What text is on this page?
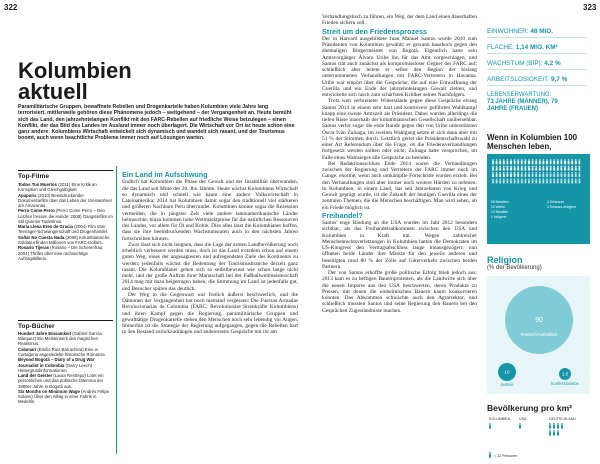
322	323
Kolumbien
aktuell
Paramilitärische Gruppen, bewaffnete Rebellen und Drogenkartelle haben Kolumbien viele Jahre lang terrorisiert, mittlerweile gehören diese Phänomene jedoch – weitgehend – der Vergangenheit an. Heute bemüht sich das Land, den jahrzehntelangen Konflikt mit den FARC-Rebellen auf friedliche Weise beizulegen – einen Konflikt, der das Bild des Landes im Ausland immer noch überlagert. Die Wirtschaft vor Ort ist heute schon eine ganz andere: Kolumbiens Wirtschaft entwickelt sich dynamisch und wandelt sich rasant, und der Tourismus boomt, auch wenn beachtliche Probleme immer noch auf Lösungen warten.
Top-Filme

Todos Tus Muertos (2011) Eine Kritik an Korruption und Gleichgültigkeit.

Apaporis (2010) Beeindruckender Dokumentarfilm über das Leben der Ureinwohner am Amazonas.

Perro Come Perro (Perro Come Perro – Den Letzten fressen die Hunde; 2008) Gangsterfilm im Stil Quentin Tarantinos.

María Llena Eres de Gracia (2004) Film über Teenager-Schwangerschaft und Drogenhandel.

Soñar No Cuesta Nada (2006) Kolumbianische Soldaten finden Millionen von FARC-Dollars.

Rosario Tijeras (Rosario – Die Scherenfrau; 2004) Thriller über eine rachsüchtige Auftragskillerin.

Top-Bücher

Hundert Jahre Einsamkeit (Gabriel García Márquez) Ein Meisterwerk des magischen Realismus.

Calamarí (Emilio Ruiz Barrachina) Eine in Cartagena angesiedelte historische Romanze.

Beyond Bogotá – Diary of a Drug War Journalist in Colombia (Garry Leech) Hintergrundinformationen.

Land der Geister (Laura Restrepo) Lotet ein persönliches und das politische Dilemma der 1980er-Jahre in Bogotá aus.

Six Months on Minimum Wage (Andrés Felipe Solano) Über den Alltag in einer Fabrik in Medellín.

Ein Land im Aufschwung

Endlich hat Kolumbien die Phase der Gewalt und der Instabilität überwunden, die das Land seit Mitte des 20. Jhs. lähmte. Heute wächst Kolumbiens Wirtschaft so dynamisch und schnell wie kaum eine andere Volkswirtschaft in Lateinamerika; 2014 hat Kolumbien damit sogar den traditionell viel stärkeren und größeren Nachbarn Peru überrundet. Kolumbien konnte sogar die Rezession vermeiden, die in jüngster Zeit viele andere lateinamerikanische Länder heimsuchte; hinzu kommen hohe Weltmarktpreise für die natürlichen Ressourcen des Landes, vor allem für Öl und Kohle. Dies alles lässt die Kolumbianer hoffen, dass sie ihre beeindruckenden Wachstumsraten auch in den nächsten Jahren fortschreiben können.

Zwar lässt sich nicht leugnen, dass die Lage der armen Landbevölkerung noch erheblich verbessert werden muss, doch ist das Land trotzdem schon auf einem guten Weg, eines der angesagtesten und aufregendsten Ziele des Kontinents zu werden; jedenfalls wächst die Bedeutung der Tourismusbranche derzeit ganz rasant. Die Kolumbianer gehen sich so selbstbewusst wie schon lange nicht mehr, und der große Auftritt ihrer Mannschaft bei der Fußballweltmeisterschaft 2014 mag mit dazu beigetragen haben; die Stimmung im Land ist jedenfalls gut, und Besucher spüren das deutlich.

Der Weg in die Gegenwart war freilich äußerst beschwerlich, und die Dämonen der Vergangenheit hat noch niemand vergessen: Die Fuerzas Armadas Revolucionarias de Colombia (FARC; Revolutionäre Streitkräfte Kolumbiens) und ihren Kampf gegen die Regierung, paramilitärische Gruppen und gewalttätige Drogenkartelle stehen den Menschen noch sehr lebendig vor Augen. Immerhin ist die Strategie der Regierung aufgegangen, gegen die Rebellen hart in den Bestand zurückzudrängen und andererseits Gespräche mit ihr am

Verhandlungstisch zu führen, ein Weg, der dem Land einen dauerhaften Frieden sichern soll.

Streit um den Friedensprozess

Der in Harvard ausgebildete Juan Manuel Santos wurde 2010 zum Präsidenten von Kolumbien gewählt; er gewann haushoch gegen den ehemaligen Bürgermeister von Bogotá. Eigentlich hatte sein Amtsvorgänger Álvaro Uribe ihn für das Amt vorgeschlagen, und Santos trat auch zunächst als kompromissloser Gegner der FARC auf; schließlich aber leitete er selbst den Beginn der bislang unternommenen Verhandlungen mit FARC-Vertretern in Havanna. Uribe war empört über die Gespräche, die auf eine Entwaffnung der Guerilla und ein Ende der jahrzehntelangen Gewalt zielten, und entwickelte sich rasch zum schärfsten Kritiker seines Nachfolgers.

Trotz weit verbreiteter Widerstände gegen diese Gespräche errang Santos 2014 in einem sehr hart und kontrovers geführten Wahlkampf knapp eine zweite Amtszeit als Präsident. Dabei wurden allerdings die tiefen Risse innerhalb der kolumbianischen Gesellschaft unübersehbar. Santos verlor sogar die erste Runde gegen den von Uribe unterstützten Óscar Iván Zuluaga, im zweiten Wahlgang setzte er sich dann aber mit 51 % der Stimmen durch. Letztlich geriet die Präsidentschaftswahl zu einer Art Referendum über die Frage, ob die Friedensverhandlungen fortgesetzt werden sollten oder nicht; Zuluaga hatte versprochen, im Falle eines Wahlsieges alle Gespräche zu beenden.

Bei Redaktionsschluss Ende 2014 waren die Verhandlungen zwischen der Regierung und Vertretern der FARC immer noch im Gange: enorme, wenn auch umkämpfte Fortschritte wurden erzielt. Bei den Verhandlungen sind aber immer noch weitere Hürden zu nehmen: In Kolumbien, in einem Land, das seit Jahrzehnten von Krieg und Gewalt geprägt wurde, ist die Zukunft der heutigen Guerilla eines der zentralen Themen, die die Menschen beschäftigen. Man wird sehen, ob ein Friede möglich ist.

Freihandel?

Santos' enge Bindung an die USA wurden im Jahr 2012 besonders sichtbar, als das Freihandelsabkommen zwischen den USA und Kolumbien in Kraft trat. Wegen zahlreicher Menschenrechtsverletzungen in Kolumbien hatten die Demokraten im US-Kongress den Vertragsabschluss lange hinausgezögert; nun öffneten beide Länder ihre Märkte für den jeweils anderen und beseitigten rund 80 % der Zölle auf Güterverkehr zwischen beiden Partnern.

Der von Santos erhoffte große politische Erfolg blieb jedoch aus: 2013 kam es zu heftigen Bauernprotesten, als die Landwirte sich über die neuen Importe aus den USA beschwerten, deren Produkte zu Preisen, mit denen die einheimischen Bauern kaum konkurrieren konnten. Das Abkommen schwächte auch den Agrarsektor, und schließlich mussten Santos und seine Regierung den Bauern bei den Gesprächen Zugeständnisse machen.

EINWOHNER: 48 MIO.
FLÄCHE: 1,14 MIO. KM²
WACHSTUM (BIP): 4,2 %
ARBEITSLOSIGKEIT: 9,7 %
LEBENSERWARTUNG:
73 JAHRE (MÄNNER), 79
JAHRE (FRAUEN)
Wenn in Kolumbien 100 Menschen leben,
58 Mestizen
20 Weiße
14 Mulatten
4 Schwarze
3 Schwarz-Indigene
1 Indigene
Religion
(% der Bevölkerung)
90
Römisch-Katholisch
10
andere
1.5
konfessionslos
Bevölkerung pro km²
KOLUMBIEN USA	DEUTSCHLAND
≈ 32 Personen
